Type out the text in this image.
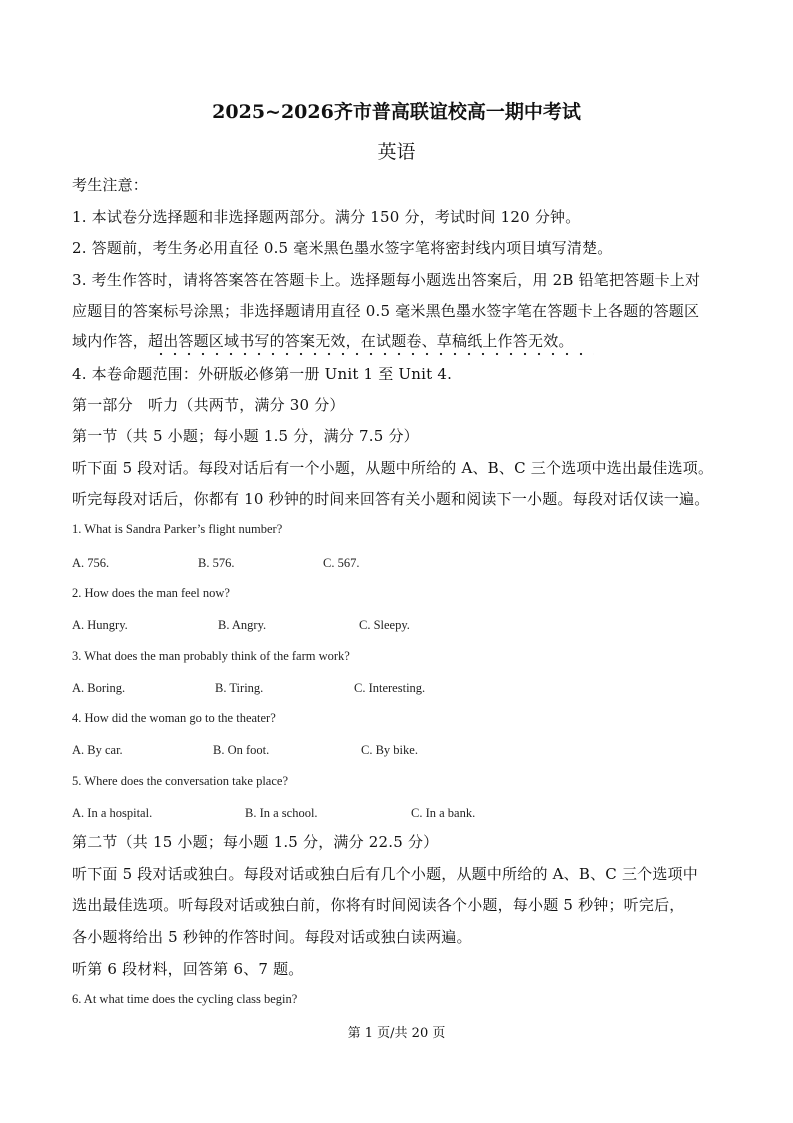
2025~2026齐市普高联谊校高一期中考试
英语
考生注意：
1. 本试卷分选择题和非选择题两部分。满分 150 分，考试时间 120 分钟。
2. 答题前，考生务必用直径 0.5 毫米黑色墨水签字笔将密封线内项目填写清楚。
3. 考生作答时，请将答案答在答题卡上。选择题每小题选出答案后，用 2B 铅笔把答题卡上对
应题目的答案标号涂黑；非选择题请用直径 0.5 毫米黑色墨水签字笔在答题卡上各题的答题区
域内作答，超出答题区域书写的答案无效，在试题卷、草稿纸上作答无效。
4. 本卷命题范围：外研版必修第一册 Unit 1 至 Unit 4.
第一部分　听力（共两节，满分 30 分）
第一节（共 5 小题；每小题 1.5 分，满分 7.5 分）
听下面 5 段对话。每段对话后有一个小题，从题中所给的 A、B、C 三个选项中选出最佳选项。
听完每段对话后，你都有 10 秒钟的时间来回答有关小题和阅读下一小题。每段对话仅读一遍。
1. What is Sandra Parker’s flight number?
A. 756.	B. 576.	C. 567.
2. How does the man feel now?
A. Hungry.	B. Angry.	C. Sleepy.
3. What does the man probably think of the farm work?
A. Boring.	B. Tiring.	C. Interesting.
4. How did the woman go to the theater?
A. By car.	B. On foot.	C. By bike.
5. Where does the conversation take place?
A. In a hospital.	B. In a school.	C. In a bank.
第二节（共 15 小题；每小题 1.5 分，满分 22.5 分）
听下面 5 段对话或独白。每段对话或独白后有几个小题，从题中所给的 A、B、C 三个选项中
选出最佳选项。听每段对话或独白前，你将有时间阅读各个小题，每小题 5 秒钟；听完后，
各小题将给出 5 秒钟的作答时间。每段对话或独白读两遍。
听第 6 段材料，回答第 6、7 题。
6. At what time does the cycling class begin?
第 1 页/共 20 页
